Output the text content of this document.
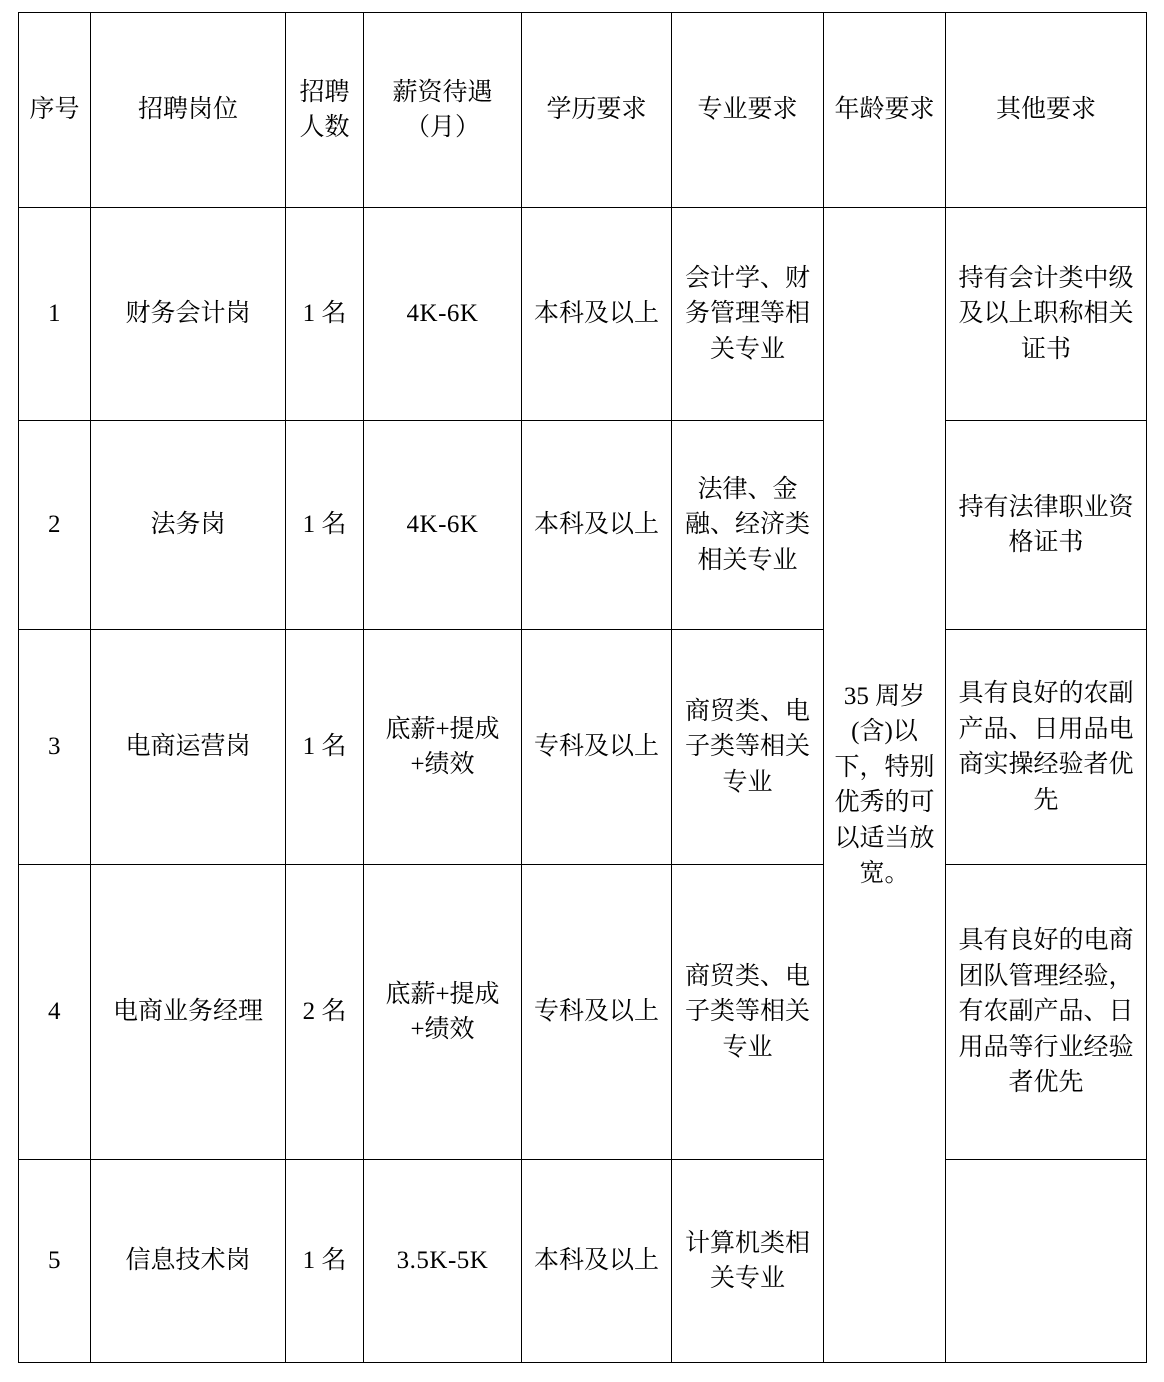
序号	招聘岗位	招聘人数	薪资待遇（月）	学历要求	专业要求	年龄要求	其他要求
1	财务会计岗	1 名	4K-6K	本科及以上	会计学、财务管理等相关专业	35 周岁(含)以下，特别优秀的可以适当放宽。	持有会计类中级及以上职称相关证书
2	法务岗	1 名	4K-6K	本科及以上	法律、金融、经济类相关专业		持有法律职业资格证书
3	电商运营岗	1 名	底薪+提成+绩效	专科及以上	商贸类、电子类等相关专业		具有良好的农副产品、日用品电商实操经验者优先
4	电商业务经理	2 名	底薪+提成+绩效	专科及以上	商贸类、电子类等相关专业		具有良好的电商团队管理经验，有农副产品、日用品等行业经验者优先
5	信息技术岗	1 名	3.5K-5K	本科及以上	计算机类相关专业		
